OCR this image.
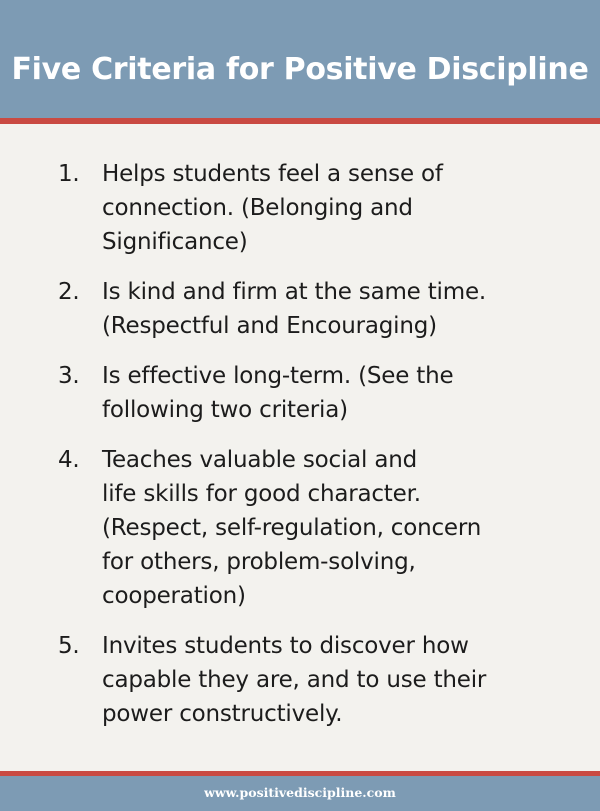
Five Criteria for Positive Discipline
1. Helps students feel a sense of
connection. (Belonging and
Significance)
2. Is kind and firm at the same time.
(Respectful and Encouraging)
3. Is effective long-term. (See the
following two criteria)
4. Teaches valuable social and
life skills for good character.
(Respect, self-regulation, concern
for others, problem-solving,
cooperation)
5. Invites students to discover how
capable they are, and to use their
power constructively.
www.positivediscipline.com
